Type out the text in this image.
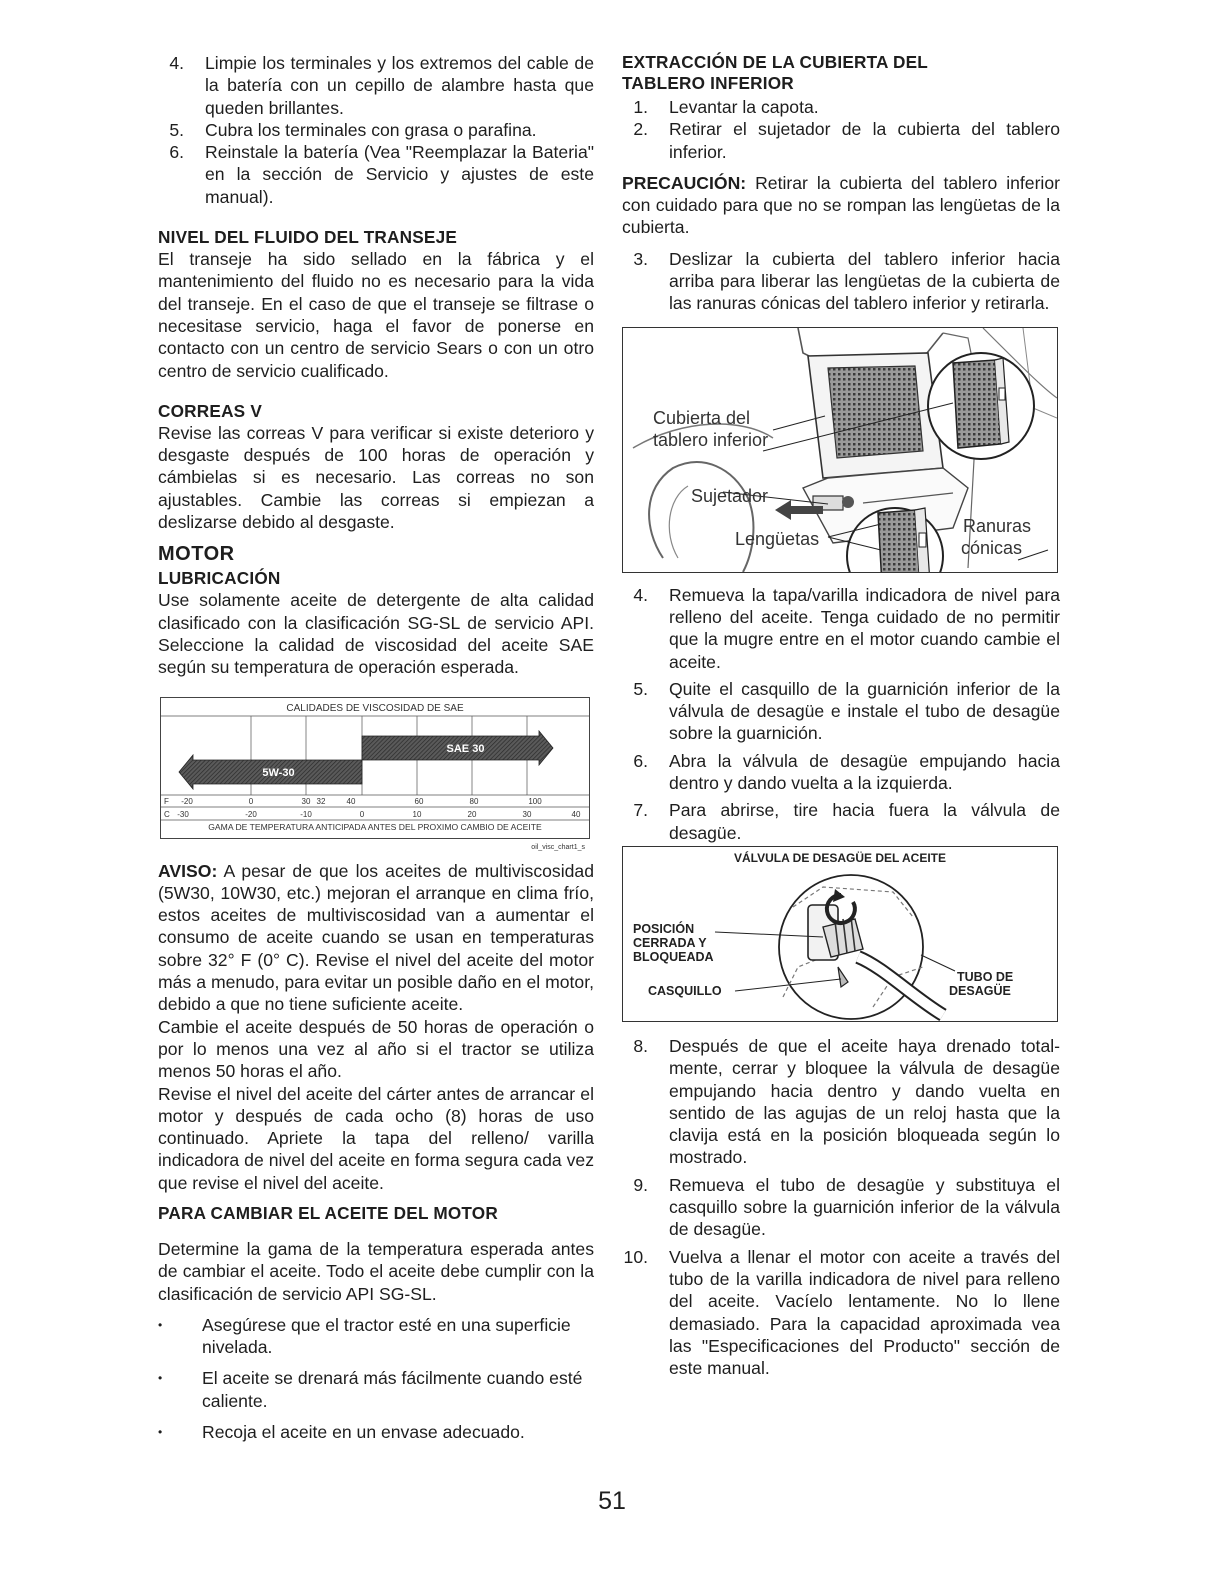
4. Limpie los terminales y los extremos del cable de la batería con un cepillo de alambre hasta que queden brillantes.
5. Cubra los terminales con grasa o parafina.
6. Reinstale la batería (Vea "Reemplazar la Bateria" en la sección de Servicio y ajustes de este manual).
NIVEL DEL FLUIDO DEL TRANSEJE

El transeje ha sido sellado en la fábrica y el mantenimiento del fluido no es necesario para la vida del transeje. En el caso de que el transeje se filtrase o necesitase servicio, haga el favor de ponerse en contacto con un centro de servicio Sears o con un otro centro de servicio cualificado.

CORREAS V

Revise las correas V para verificar si existe deterioro y desgaste después de 100 horas de operación y cámbielas si es necesario. Las correas no son ajustables. Cambie las correas si empiezan a deslizarse debido al desgaste.

MOTOR
LUBRICACIÓN

Use solamente aceite de detergente de alta calidad clasificado con la clasificación SG-SL de servicio API. Seleccione la calidad de viscosidad del aceite SAE según su temperatura de operación esperada.

CALIDADES DE VISCOSIDAD DE SAE
5W-30
SAE 30
-20	0	30 32	40	60	80	100
-30	-20	-10	0	10	20	30	40
F
C
GAMA DE TEMPERATURA ANTICIPADA ANTES DEL PROXIMO CAMBIO DE ACEITE
oil_visc_chart1_s

AVISO: A pesar de que los aceites de multiviscosidad (5W30, 10W30, etc.) mejoran el arranque en clima frío, estos aceites de multiviscosidad van a aumentar el consumo de aceite cuando se usan en temperaturas sobre 32° F (0° C). Revise el nivel del aceite del motor más a menudo, para evitar un posible daño en el motor, debido a que no tiene suficiente aceite.

Cambie el aceite después de 50 horas de operación o por lo menos una vez al año si el tractor se utiliza menos 50 horas el año.

Revise el nivel del aceite del cárter antes de arrancar el motor y después de cada ocho (8) horas de uso continuado. Apriete la tapa del relleno/ varilla indicadora de nivel del aceite en forma segura cada vez que revise el nivel del aceite.

PARA CAMBIAR EL ACEITE DEL MOTOR

Determine la gama de la temperatura esperada antes de cambiar el aceite. Todo el aceite debe cumplir con la clasificación de servicio API SG-SL.

• Asegúrese que el tractor esté en una superficie nivelada.
• El aceite se drenará más fácilmente cuando esté caliente.
• Recoja el aceite en un envase adecuado.
EXTRACCIÓN DE LA CUBIERTA DEL
TABLERO INFERIOR
1. Levantar la capota.
2. Retirar el sujetador de la cubierta del tablero inferior.

PRECAUCIÓN: Retirar la cubierta del tablero inferior con cuidado para que no se rompan las lengüetas de la cubierta.

3. Deslizar la cubierta del tablero inferior hacia arriba para liberar las lengüetas de la cubierta de las ranuras cónicas del tablero inferior y retirarla.
Cubierta del
tablero inferior
Sujetador
Lengüetas
Ranuras
cónicas
4. Remueva la tapa/varilla indicadora de nivel para relleno del aceite. Tenga cuidado de no permitir que la mugre entre en el motor cuando cambie el aceite.
5. Quite el casquillo de la guarnición inferior de la válvula de desagüe e instale el tubo de desagüe sobre la guarnición.
6. Abra la válvula de desagüe empujando hacia dentro y dando vuelta a la izquierda.
7. Para abrirse, tire hacia fuera la válvula de desagüe.
VÁLVULA DE DESAGÜE DEL ACEITE
POSICIÓN
CERRADA Y
BLOQUEADA
CASQUILLO
TUBO DE
DESAGÜE
8. Después de que el aceite haya drenado total-mente, cerrar y bloquee la válvula de desagüe empujando hacia dentro y dando vuelta en sentido de las agujas de un reloj hasta que la clavija está en la posición bloqueada según lo mostrado.
9. Remueva el tubo de desagüe y substituya el casquillo sobre la guarnición inferior de la válvula de desagüe.
10. Vuelva a llenar el motor con aceite a través del tubo de la varilla indicadora de nivel para relleno del aceite. Vacíelo lentamente. No lo llene demasiado. Para la capacidad aproximada vea las "Especificaciones del Producto" sección de este manual.
51
